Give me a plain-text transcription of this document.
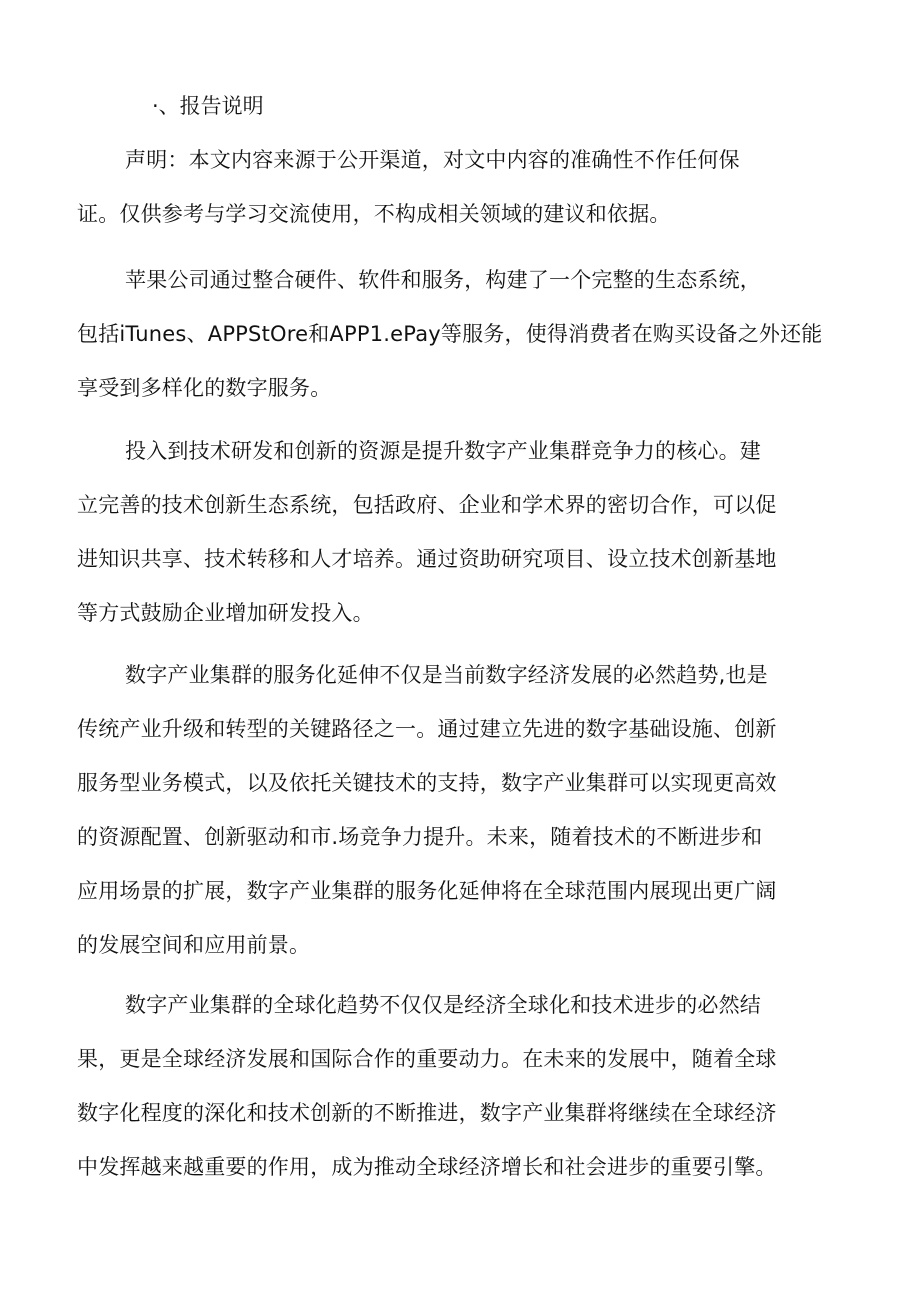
·、报告说明
声明：本文内容来源于公开渠道，对文中内容的准确性不作任何保
证。仅供参考与学习交流使用，不构成相关领域的建议和依据。
苹果公司通过整合硬件、软件和服务，构建了一个完整的生态系统，
包括iTunes、APPStOre和APP1.ePay等服务，使得消费者在购买设备之外还能
享受到多样化的数字服务。
投入到技术研发和创新的资源是提升数字产业集群竞争力的核心。建
立完善的技术创新生态系统，包括政府、企业和学术界的密切合作，可以促
进知识共享、技术转移和人才培养。通过资助研究项目、设立技术创新基地
等方式鼓励企业增加研发投入。
数字产业集群的服务化延伸不仅是当前数字经济发展的必然趋势,也是
传统产业升级和转型的关键路径之一。通过建立先进的数字基础设施、创新
服务型业务模式，以及依托关键技术的支持，数字产业集群可以实现更高效
的资源配置、创新驱动和市.场竞争力提升。未来，随着技术的不断进步和
应用场景的扩展，数字产业集群的服务化延伸将在全球范围内展现出更广阔
的发展空间和应用前景。
数字产业集群的全球化趋势不仅仅是经济全球化和技术进步的必然结
果，更是全球经济发展和国际合作的重要动力。在未来的发展中，随着全球
数字化程度的深化和技术创新的不断推进，数字产业集群将继续在全球经济
中发挥越来越重要的作用，成为推动全球经济增长和社会进步的重要引擎。
